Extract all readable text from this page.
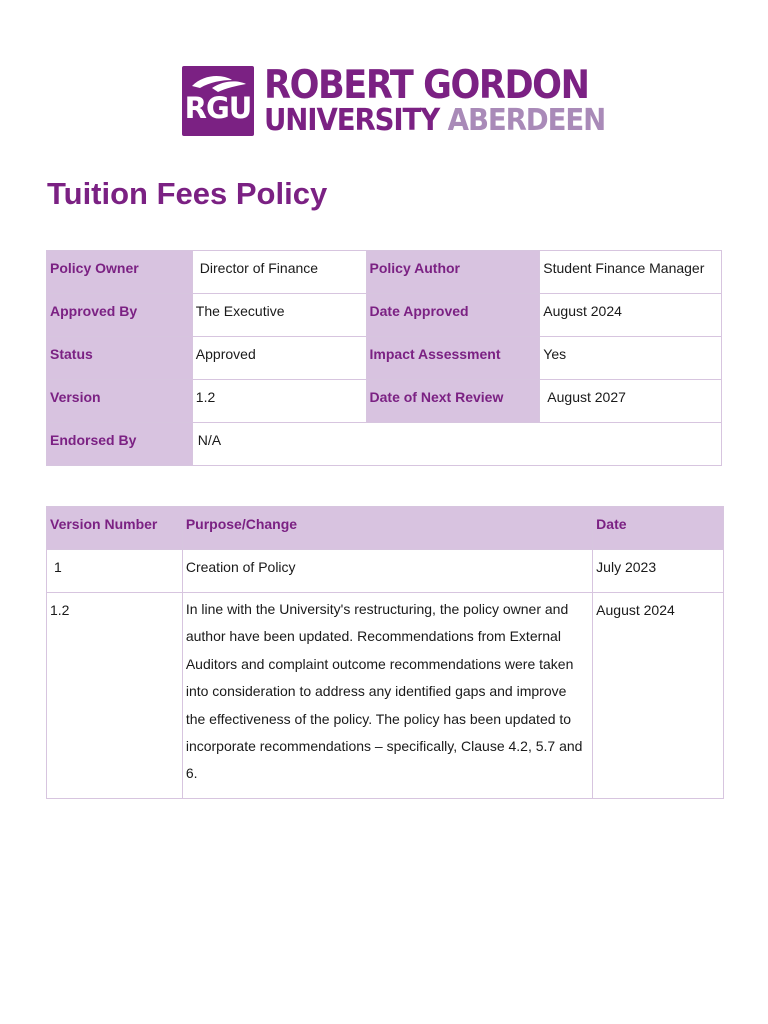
RGU ROBERT GORDON
UNIVERSITY ABERDEEN
Tuition Fees Policy
Policy Owner	Director of Finance	Policy Author	Student Finance Manager

Approved By	The Executive	Date Approved	August 2024

Status	Approved	Impact Assessment	Yes

Version	1.2	Date of Next Review	August 2027

Endorsed By	N/A		
Version Number	Purpose/Change	Date

1	Creation of Policy	July 2023

1.2	In line with the University's restructuring, the policy owner and author have been updated. Recommendations from External Auditors and complaint outcome recommendations were taken into consideration to address any identified gaps and improve the effectiveness of the policy. The policy has been updated to incorporate recommendations – specifically, Clause 4.2, 5.7 and 6.	August 2024
